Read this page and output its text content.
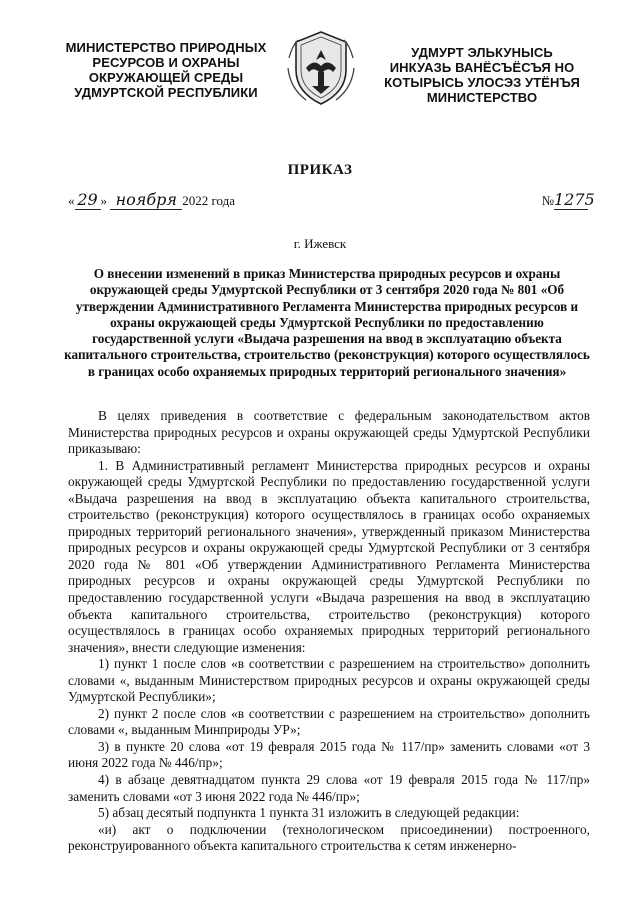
МИНИСТЕРСТВО ПРИРОДНЫХ
РЕСУРСОВ И ОХРАНЫ
ОКРУЖАЮЩЕЙ СРЕДЫ
УДМУРТСКОЙ РЕСПУБЛИКИ
УДМУРТ ЭЛЬКУНЫСЬ
ИНКУАЗЬ ВАНЁСЪЁСЪЯ НО
КОТЫРЫСЬ УЛОСЭЗ УТЁНЪЯ
МИНИСТЕРСТВО
ПРИКАЗ
« 29 » ноября 2022 года	№1275
г. Ижевск
О внесении изменений в приказ Министерства природных ресурсов и охраны окружающей среды Удмуртской Республики от 3 сентября 2020 года № 801 «Об утверждении Административного Регламента Министерства природных ресурсов и охраны окружающей среды Удмуртской Республики по предоставлению государственной услуги «Выдача разрешения на ввод в эксплуатацию объекта капитального строительства, строительство (реконструкция) которого осуществлялось в границах особо охраняемых природных территорий регионального значения»

В целях приведения в соответствие с федеральным законодательством актов Министерства природных ресурсов и охраны окружающей среды Удмуртской Республики приказываю:

1. В Административный регламент Министерства природных ресурсов и охраны окружающей среды Удмуртской Республики по предоставлению государственной услуги «Выдача разрешения на ввод в эксплуатацию объекта капитального строительства, строительство (реконструкция) которого осуществлялось в границах особо охраняемых природных территорий регионального значения», утвержденный приказом Министерства природных ресурсов и охраны окружающей среды Удмуртской Республики от 3 сентября 2020 года № 801 «Об утверждении Административного Регламента Министерства природных ресурсов и охраны окружающей среды Удмуртской Республики по предоставлению государственной услуги «Выдача разрешения на ввод в эксплуатацию объекта капитального строительства, строительство (реконструкция) которого осуществлялось в границах особо охраняемых природных территорий регионального значения», внести следующие изменения:

1) пункт 1 после слов «в соответствии с разрешением на строительство» дополнить словами «, выданным Министерством природных ресурсов и охраны окружающей среды Удмуртской Республики»;

2) пункт 2 после слов «в соответствии с разрешением на строительство» дополнить словами «, выданным Минприроды УР»;

3) в пункте 20 слова «от 19 февраля 2015 года № 117/пр» заменить словами «от 3 июня 2022 года № 446/пр»;

4) в абзаце девятнадцатом пункта 29 слова «от 19 февраля 2015 года № 117/пр» заменить словами «от 3 июня 2022 года № 446/пр»;

5) абзац десятый подпункта 1 пункта 31 изложить в следующей редакции:

«и) акт о подключении (технологическом присоединении) построенного, реконструированного объекта капитального строительства к сетям инженерно-
